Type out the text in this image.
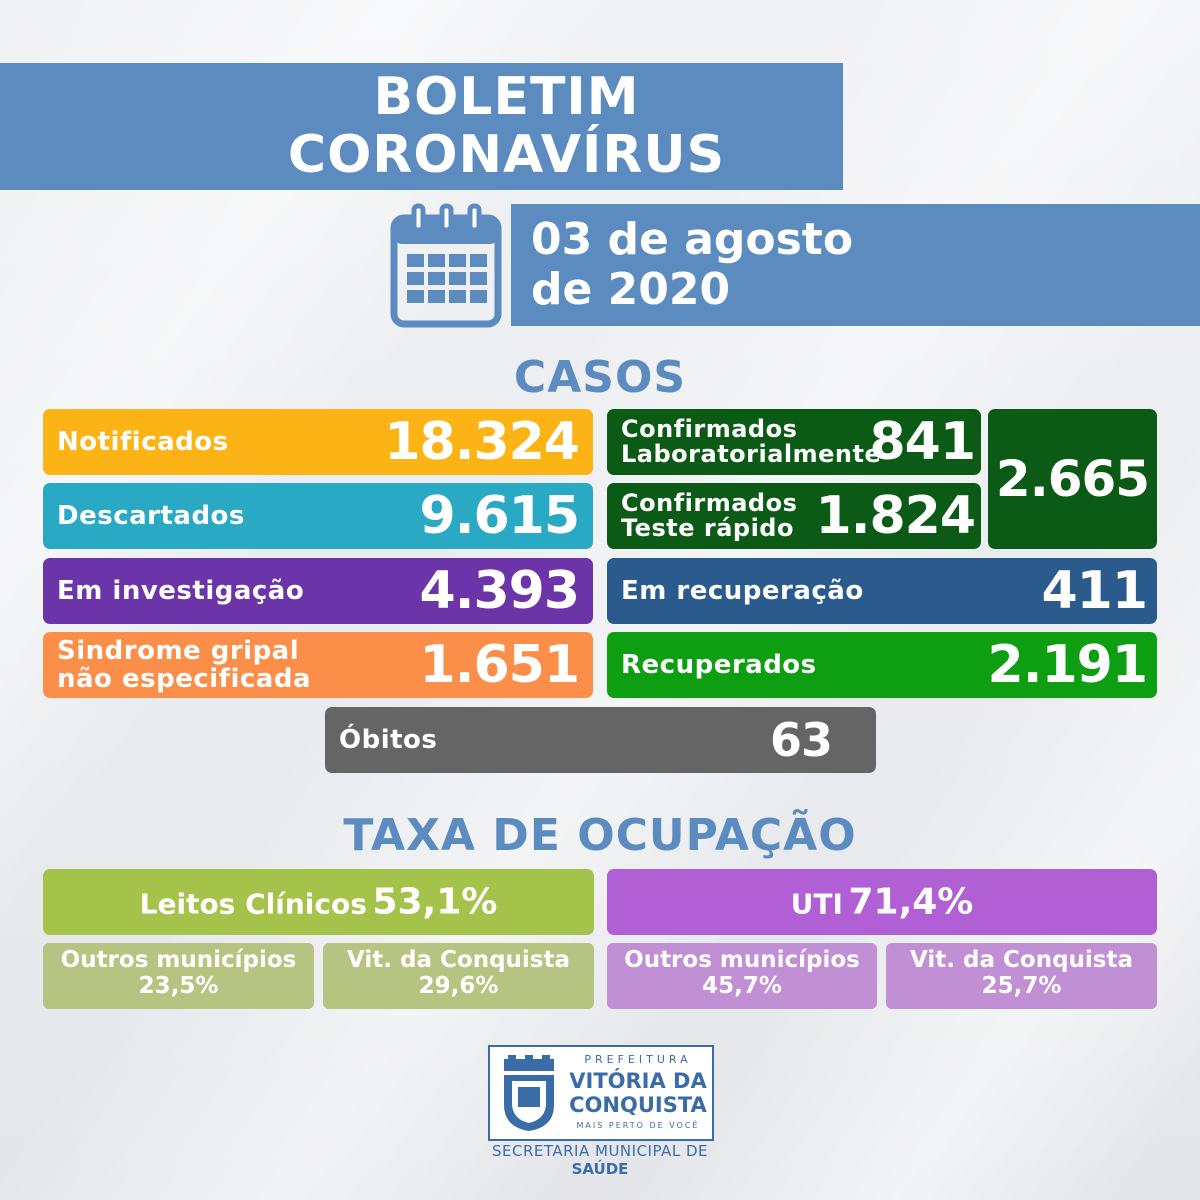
BOLETIM
CORONAVÍRUS
03 de agosto
de 2020
CASOS
Notificados	18.324
Descartados	9.615
Em investigação 4.393
Sindrome gripal
não especificada 1.651
Confirmados
Laboratorialmente
841
Confirmados
Teste rápido 1.824
2.665
Em recuperação	411
Recuperados	2.191
Óbitos	63
TAXA DE OCUPAÇÃO
Leitos Clínicos 53,1%	UTI 71,4%
Outros municípios
23,5%
Vit. da Conquista
29,6%
Outros municípios
45,7%
Vit. da Conquista
25,7%
PREFEITURA
VITÓRIA DA
CONQUISTA
MAIS PERTO DE VOCÊ
SECRETARIA MUNICIPAL DE
SAÚDE
